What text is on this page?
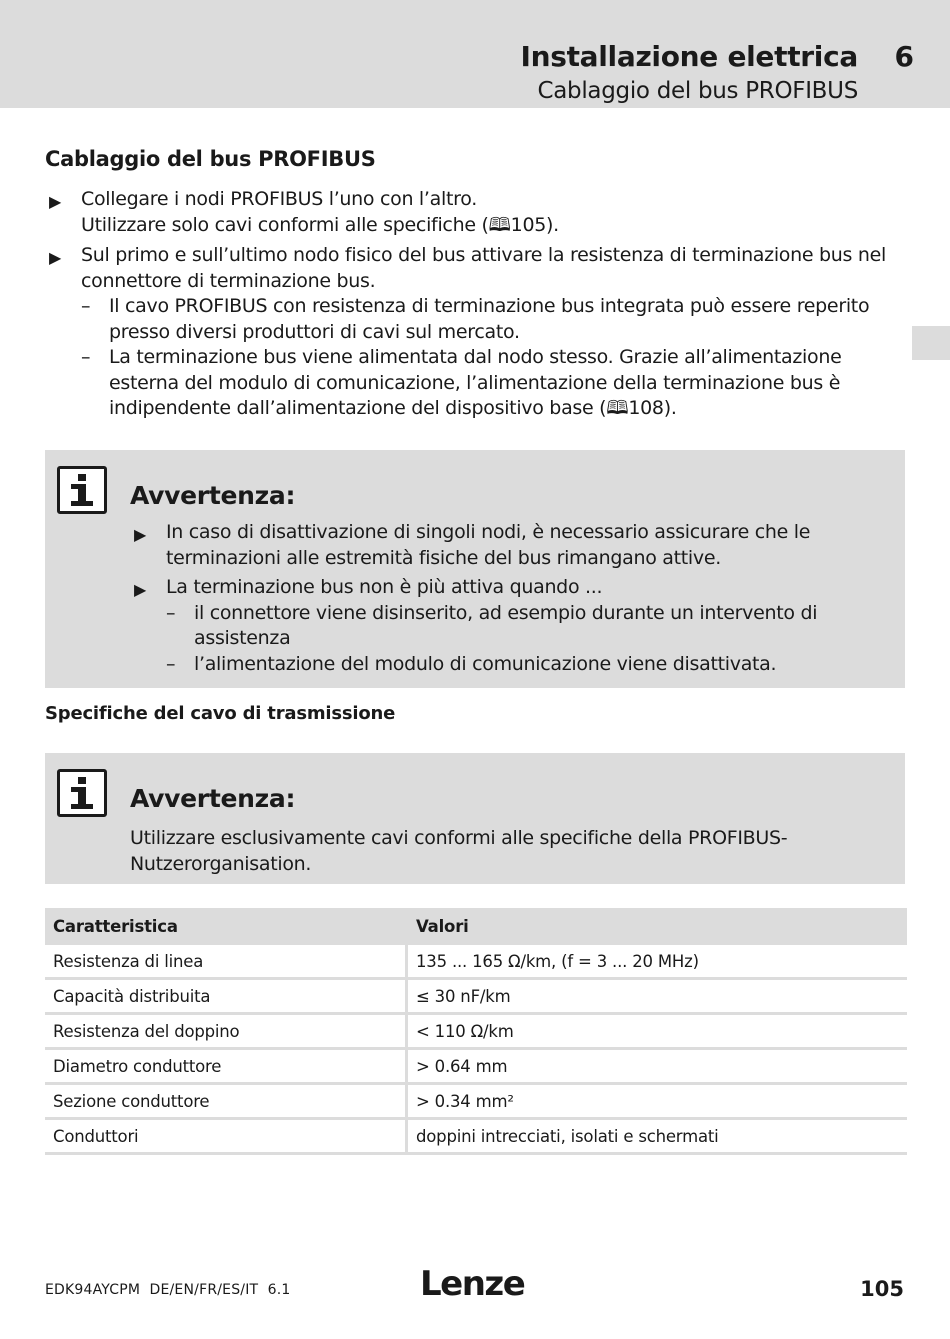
Installazione elettrica 6
Cablaggio del bus PROFIBUS
Cablaggio del bus PROFIBUS
▶ Collegare i nodi PROFIBUS l’uno con l’altro.
Utilizzare solo cavi conformi alle specifiche (🕮105).
▶ Sul primo e sull’ultimo nodo fisico del bus attivare la resistenza di terminazione bus nel connettore di terminazione bus.
– Il cavo PROFIBUS con resistenza di terminazione bus integrata può essere reperito presso diversi produttori di cavi sul mercato.
– La terminazione bus viene alimentata dal nodo stesso. Grazie all’alimentazione esterna del modulo di comunicazione, l’alimentazione della terminazione bus è indipendente dall’alimentazione del dispositivo base (🕮108).
Avvertenza:
▶ In caso di disattivazione di singoli nodi, è necessario assicurare che le terminazioni alle estremità fisiche del bus rimangano attive.
▶ La terminazione bus non è più attiva quando ...
– il connettore viene disinserito, ad esempio durante un intervento di assistenza
– l’alimentazione del modulo di comunicazione viene disattivata.
Specifiche del cavo di trasmissione
Avvertenza:
Utilizzare esclusivamente cavi conformi alle specifiche della PROFIBUS-Nutzerorganisation.
Caratteristica	Valori
Resistenza di linea	135 ... 165 Ω/km, (f = 3 ... 20 MHz)
Capacità distribuita	≤ 30 nF/km
Resistenza del doppino	< 110 Ω/km
Diametro conduttore	> 0.64 mm
Sezione conduttore	> 0.34 mm²
Conduttori	doppini intrecciati, isolati e schermati
EDK94AYCPM  DE/EN/FR/ES/IT  6.1	Lenze	105
